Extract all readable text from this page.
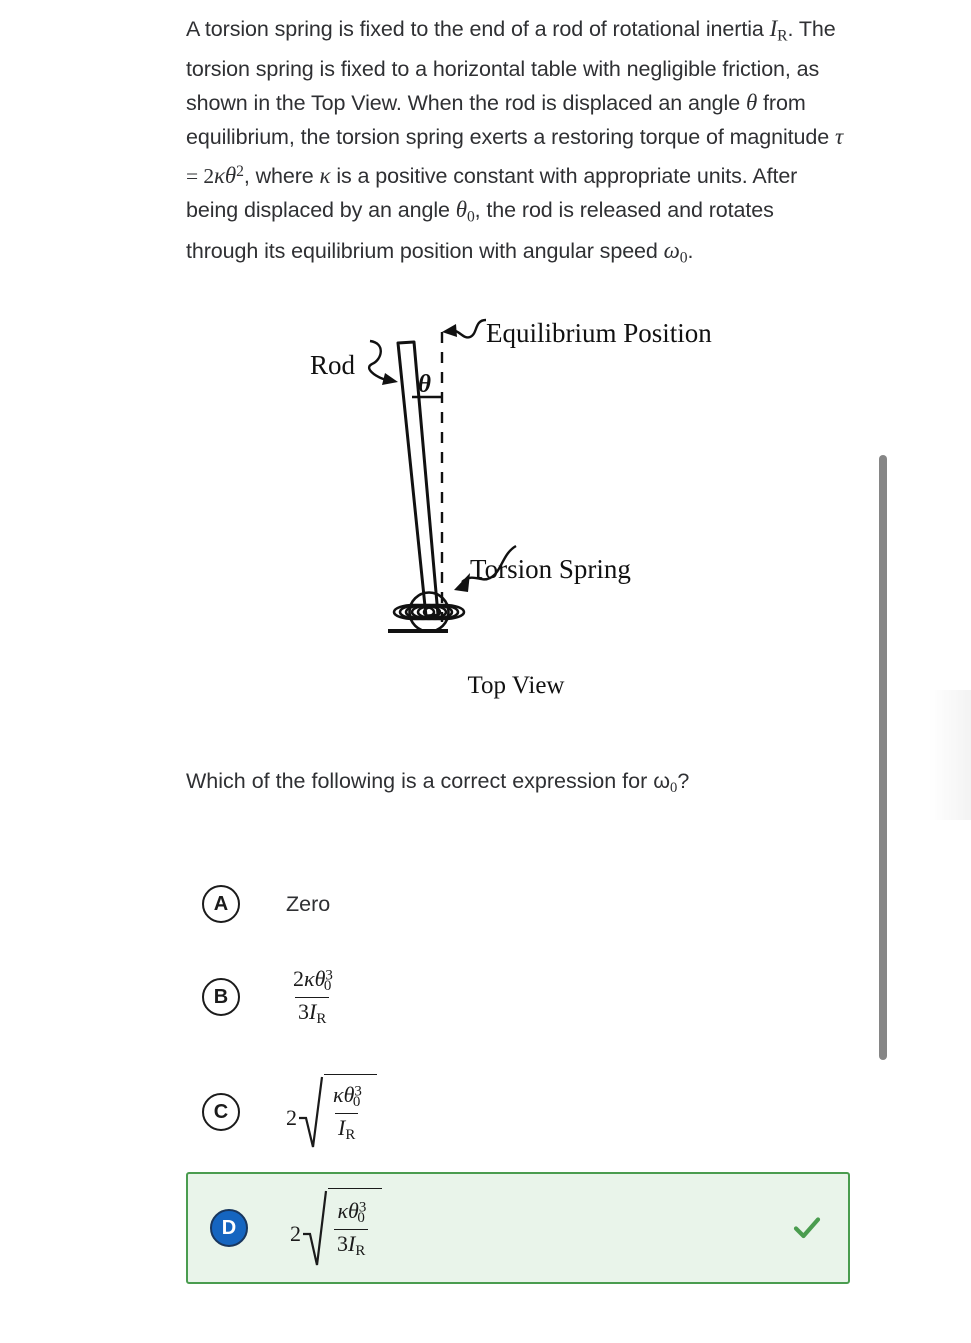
A torsion spring is fixed to the end of a rod of rotational inertia $I_R$. The torsion spring is fixed to a horizontal table with negligible friction, as shown in the Top View. When the rod is displaced an angle θ from equilibrium, the torsion spring exerts a restoring torque of magnitude $\tau = 2\kappa\theta^2$, where κ is a positive constant with appropriate units. After being displaced by an angle $\theta_0$, the rod is released and rotates through its equilibrium position with angular speed $\omega_0$.
Rod
Equilibrium Position
Torsion Spring
θ
Top View
Which of the following is a correct expression for $\omega_0$?
A	Zero
B	$\frac{2\kappa\theta^3_0}{3I_R}$
C	$2 \frac{\kappa\theta^3_0}{I_R}$
D	$2 \frac{\kappa\theta^3_0}{3I_R}$
